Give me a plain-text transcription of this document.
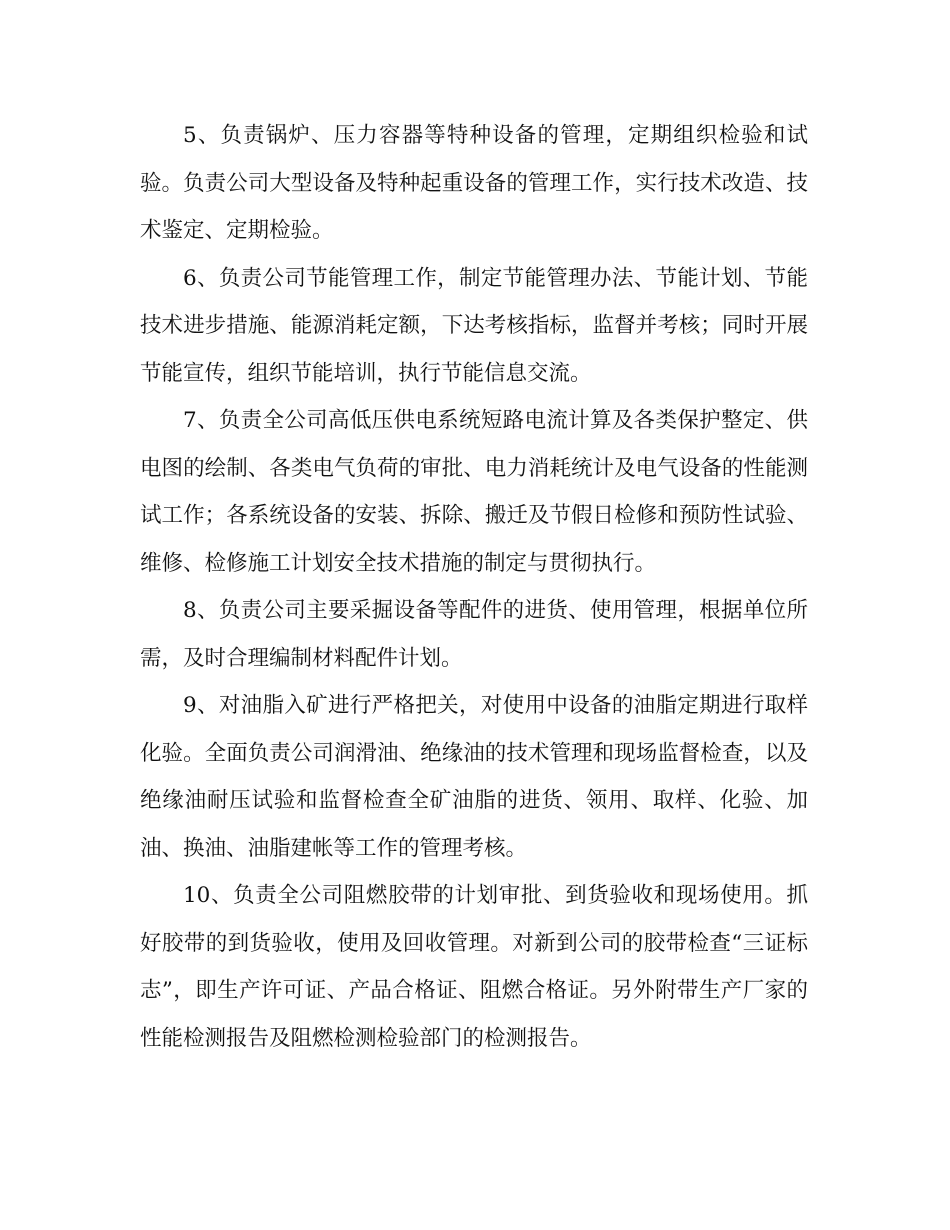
5、负责锅炉、压力容器等特种设备的管理，定期组织检验和试验。负责公司大型设备及特种起重设备的管理工作，实行技术改造、技术鉴定、定期检验。

6、负责公司节能管理工作，制定节能管理办法、节能计划、节能技术进步措施、能源消耗定额，下达考核指标，监督并考核；同时开展节能宣传，组织节能培训，执行节能信息交流。

7、负责全公司高低压供电系统短路电流计算及各类保护整定、供电图的绘制、各类电气负荷的审批、电力消耗统计及电气设备的性能测试工作；各系统设备的安装、拆除、搬迁及节假日检修和预防性试验、维修、检修施工计划安全技术措施的制定与贯彻执行。

8、负责公司主要采掘设备等配件的进货、使用管理，根据单位所需，及时合理编制材料配件计划。

9、对油脂入矿进行严格把关，对使用中设备的油脂定期进行取样化验。全面负责公司润滑油、绝缘油的技术管理和现场监督检查，以及绝缘油耐压试验和监督检查全矿油脂的进货、领用、取样、化验、加油、换油、油脂建帐等工作的管理考核。

10、负责全公司阻燃胶带的计划审批、到货验收和现场使用。抓好胶带的到货验收，使用及回收管理。对新到公司的胶带检查“三证标志”，即生产许可证、产品合格证、阻燃合格证。另外附带生产厂家的性能检测报告及阻燃检测检验部门的检测报告。
